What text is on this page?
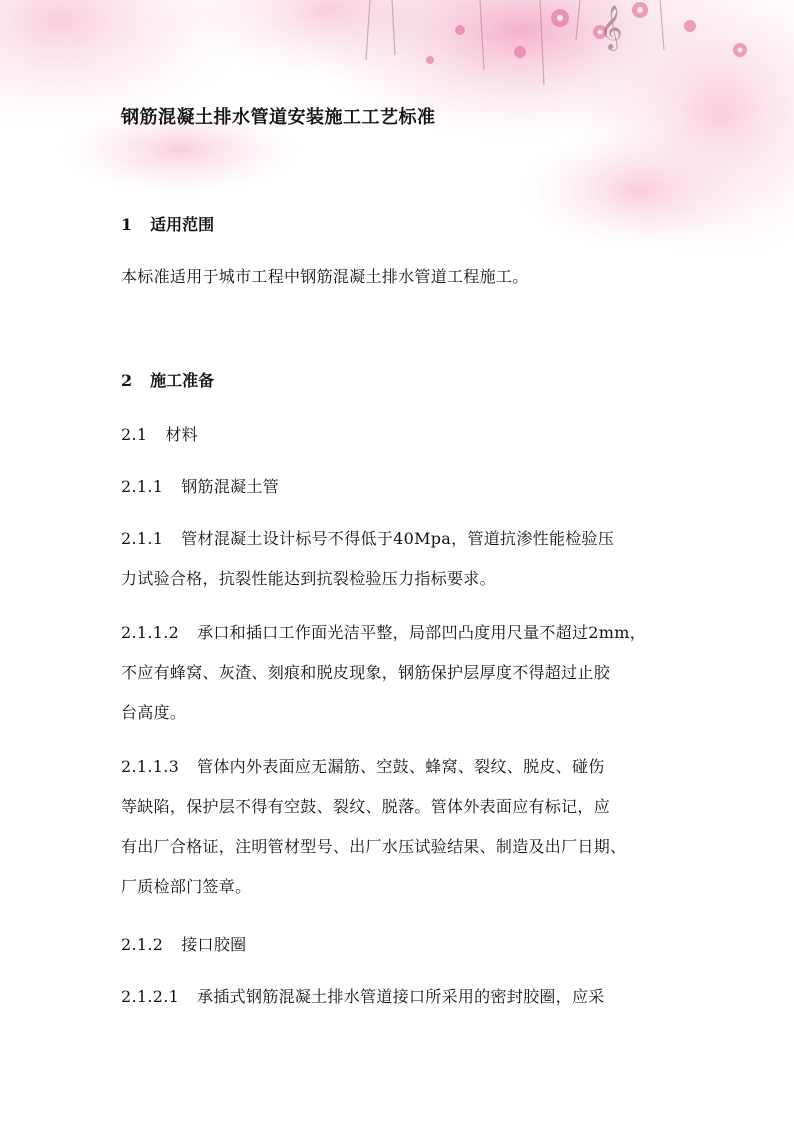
𝄞
钢筋混凝土排水管道安装施工工艺标准
1 适用范围

本标准适用于城市工程中钢筋混凝土排水管道工程施工。

2 施工准备

2.1 材料

2.1.1 钢筋混凝土管

2.1.1 管材混凝土设计标号不得低于40Mpa，管道抗渗性能检验压

力试验合格，抗裂性能达到抗裂检验压力指标要求。

2.1.1.2 承口和插口工作面光洁平整，局部凹凸度用尺量不超过2mm，

不应有蜂窝、灰渣、刻痕和脱皮现象，钢筋保护层厚度不得超过止胶

台高度。

2.1.1.3 管体内外表面应无漏筋、空鼓、蜂窝、裂纹、脱皮、碰伤

等缺陷，保护层不得有空鼓、裂纹、脱落。管体外表面应有标记，应

有出厂合格证，注明管材型号、出厂水压试验结果、制造及出厂日期、

厂质检部门签章。

2.1.2 接口胶圈

2.1.2.1 承插式钢筋混凝土排水管道接口所采用的密封胶圈，应采
